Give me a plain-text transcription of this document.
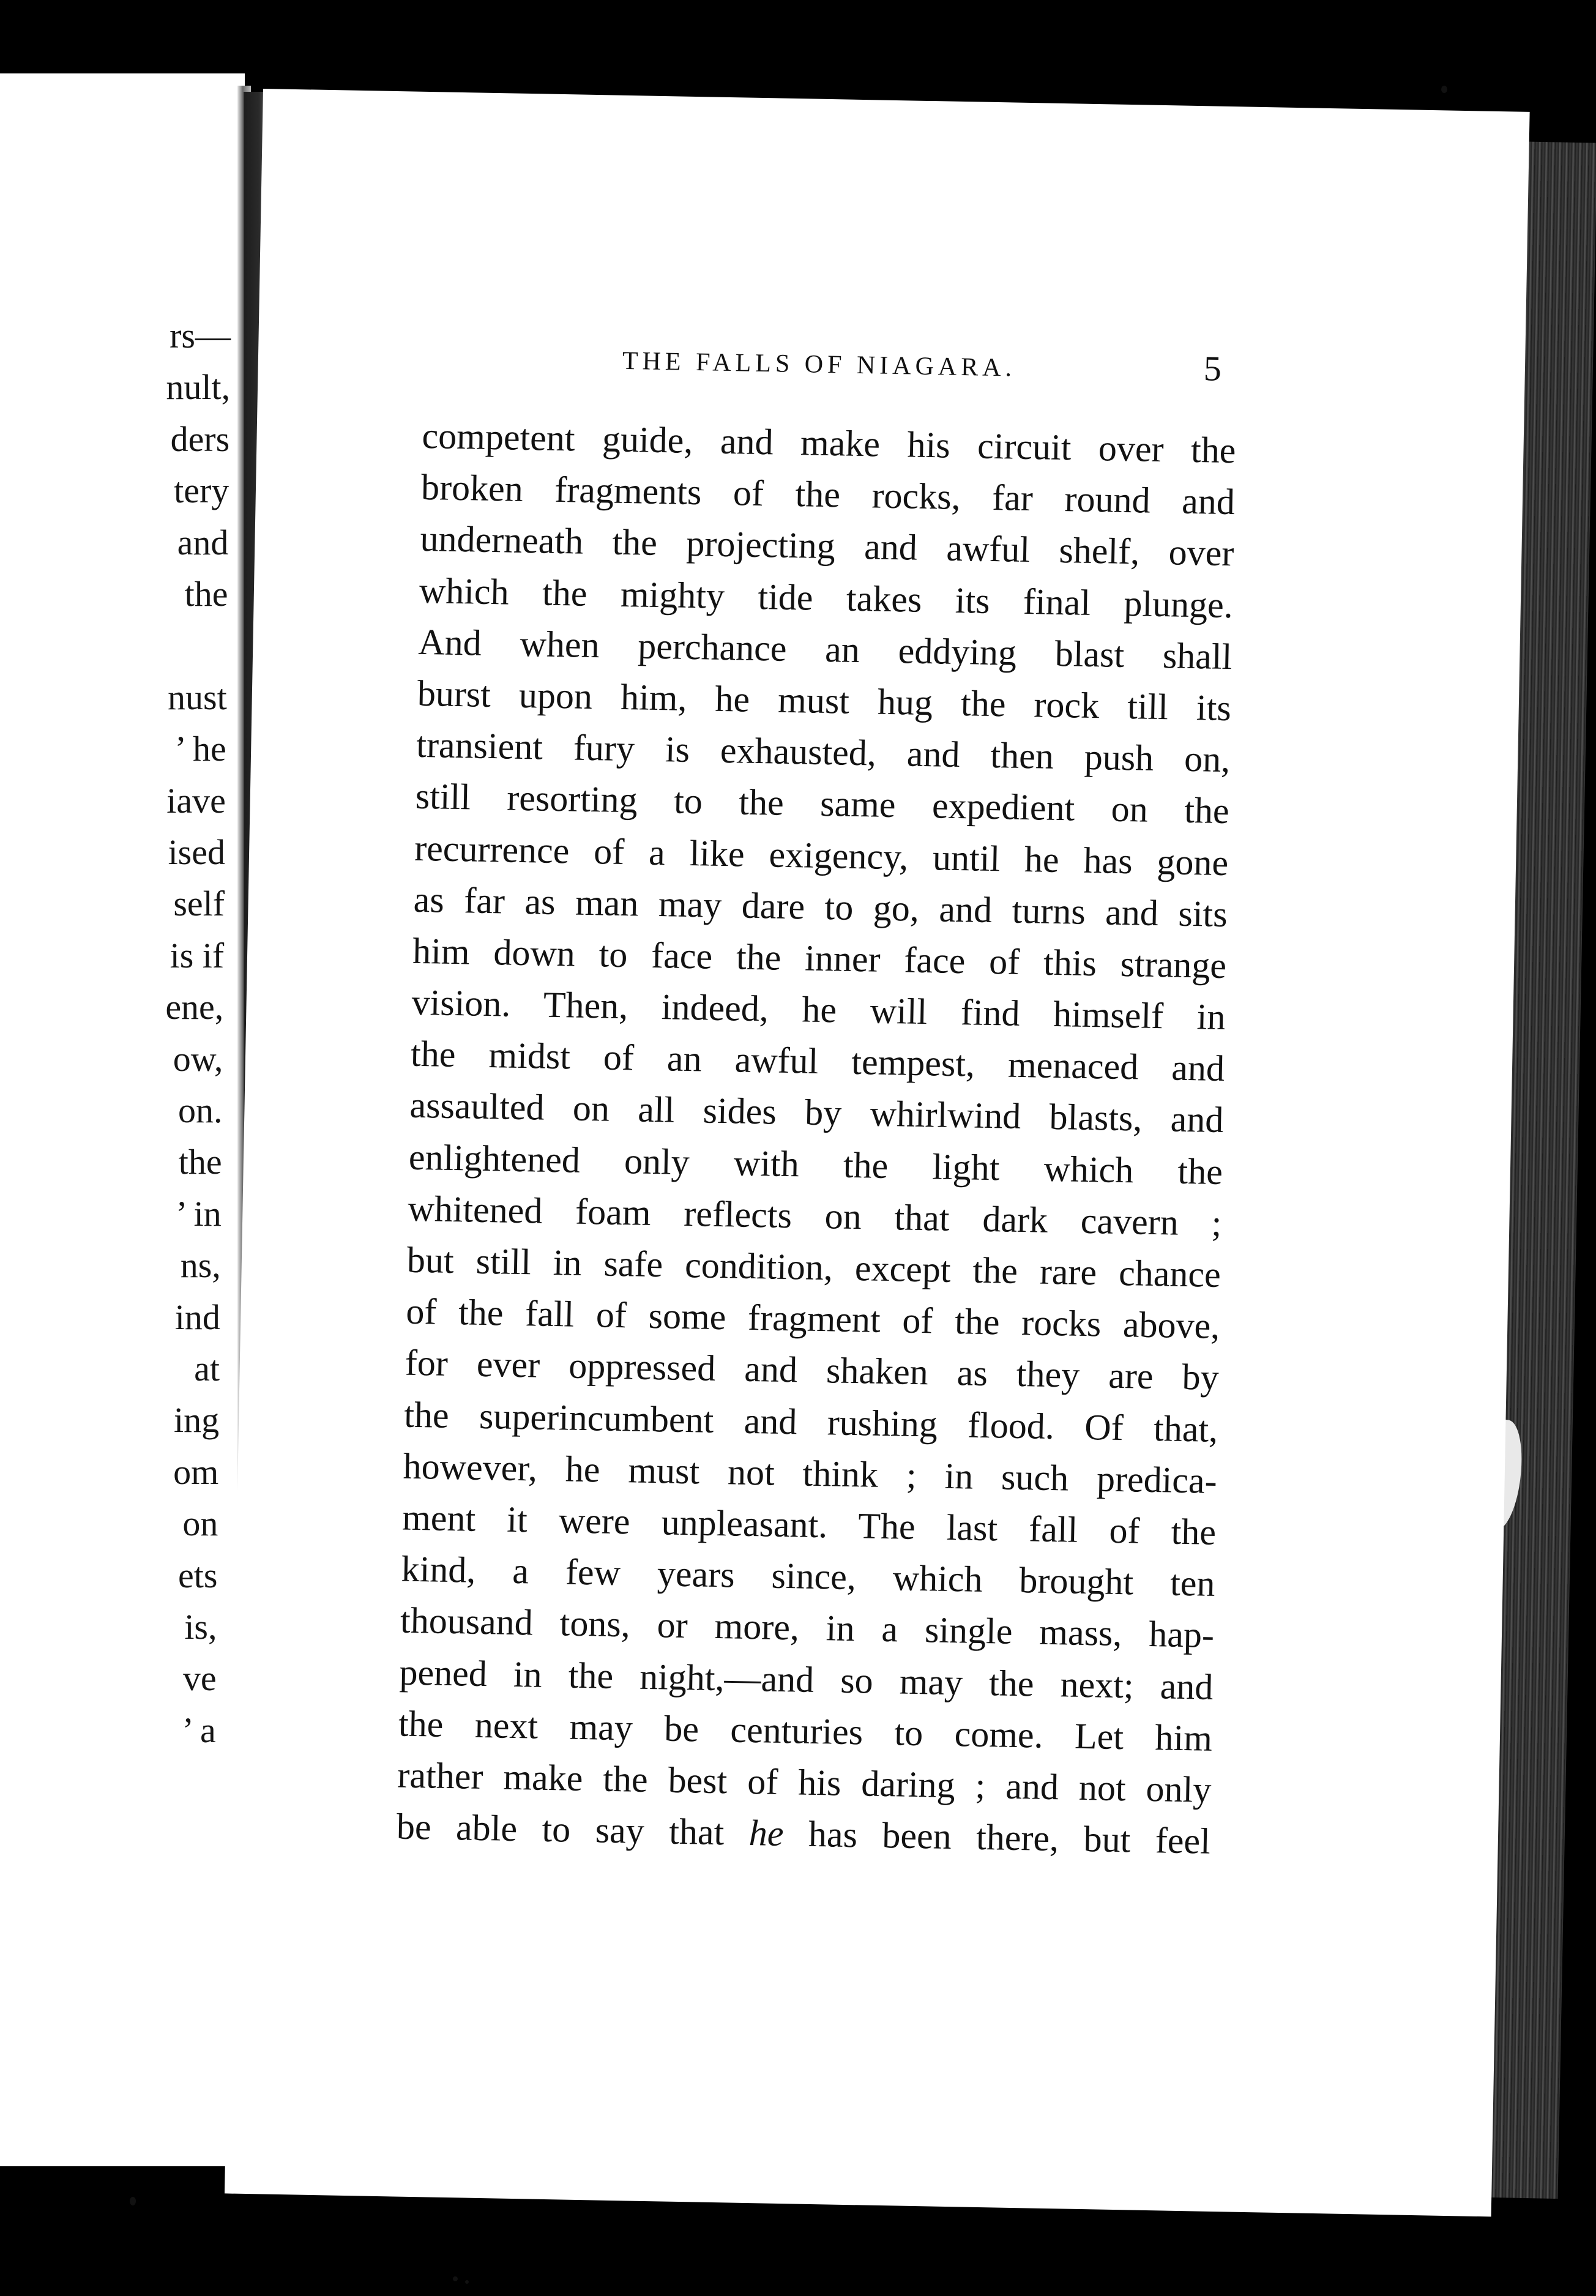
rs—
nult,
ders
tery
and
the
nust
’ he
iave
ised
self
is if
ene,
ow,
on.
the
’ in
ns,
ind
at
ing
om
on
ets
is,
ve
’ a
THE FALLS OF NIAGARA.	5
competent guide, and make his circuit over the
broken fragments of the rocks, far round and
underneath the projecting and awful shelf, over
which the mighty tide takes its final plunge.
And when perchance an eddying blast shall
burst upon him, he must hug the rock till its
transient fury is exhausted, and then push on,
still resorting to the same expedient on the
recurrence of a like exigency, until he has gone
as far as man may dare to go, and turns and sits
him down to face the inner face of this strange
vision. Then, indeed, he will find himself in
the midst of an awful tempest, menaced and
assaulted on all sides by whirlwind blasts, and
enlightened only with the light which the
whitened foam reflects on that dark cavern ;
but still in safe condition, except the rare chance
of the fall of some fragment of the rocks above,
for ever oppressed and shaken as they are by
the superincumbent and rushing flood. Of that,
however, he must not think ; in such predica-
ment it were unpleasant. The last fall of the
kind, a few years since, which brought ten
thousand tons, or more, in a single mass, hap-
pened in the night,—and so may the next; and
the next may be centuries to come. Let him
rather make the best of his daring ; and not only
be able to say that he has been there, but feel
